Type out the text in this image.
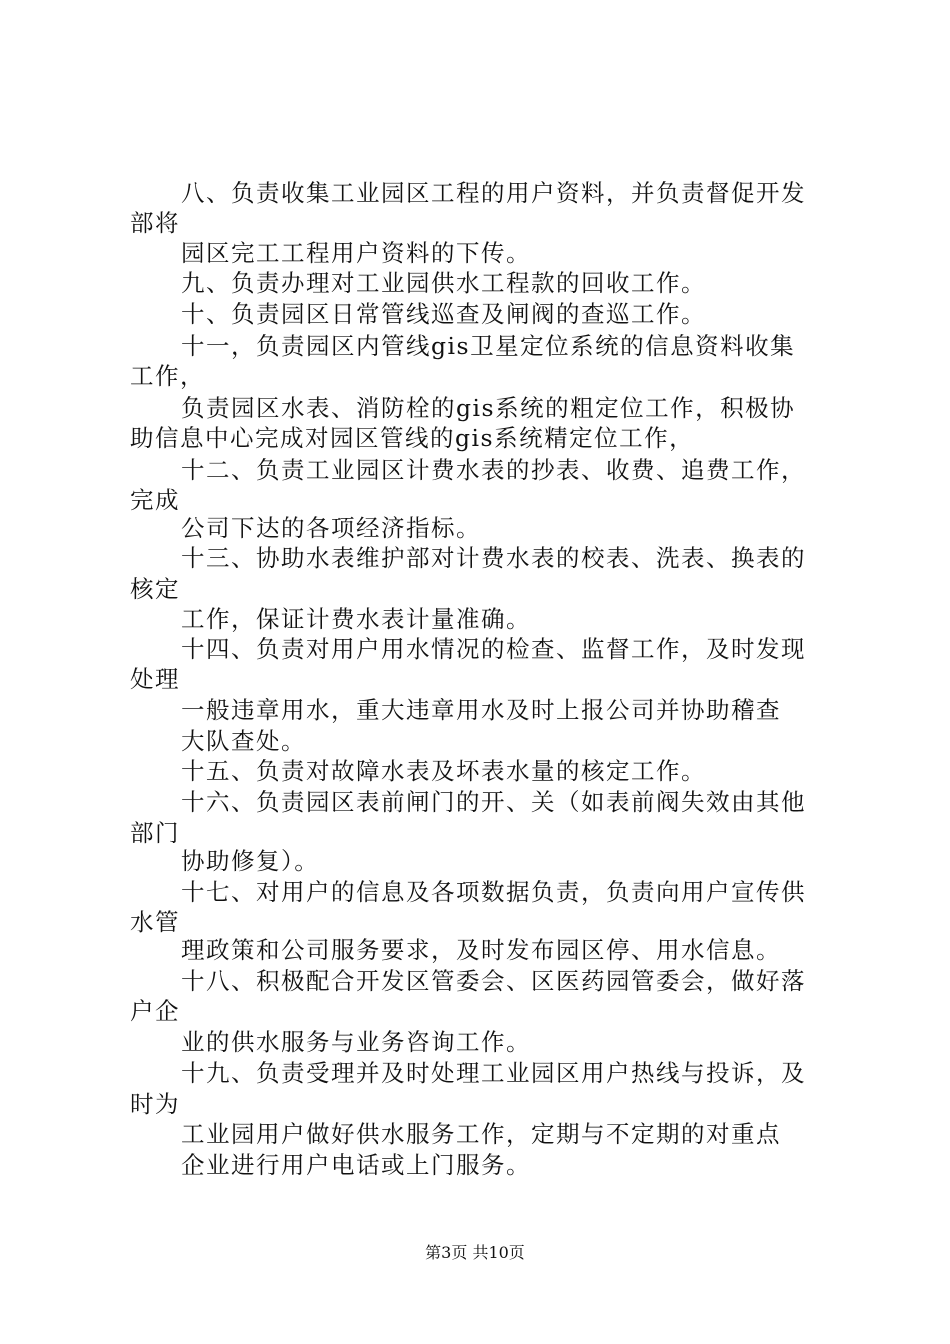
八、负责收集工业园区工程的用户资料，并负责督促开发
部将
园区完工工程用户资料的下传。
九、负责办理对工业园供水工程款的回收工作。
十、负责园区日常管线巡查及闸阀的查巡工作。
十一，负责园区内管线gis卫星定位系统的信息资料收集
工作，
负责园区水表、消防栓的gis系统的粗定位工作，积极协
助信息中心完成对园区管线的gis系统精定位工作，
十二、负责工业园区计费水表的抄表、收费、追费工作，
完成
公司下达的各项经济指标。
十三、协助水表维护部对计费水表的校表、洗表、换表的
核定
工作，保证计费水表计量准确。
十四、负责对用户用水情况的检查、监督工作，及时发现
处理
一般违章用水，重大违章用水及时上报公司并协助稽查
大队查处。
十五、负责对故障水表及坏表水量的核定工作。
十六、负责园区表前闸门的开、关（如表前阀失效由其他
部门
协助修复）。
十七、对用户的信息及各项数据负责，负责向用户宣传供
水管
理政策和公司服务要求，及时发布园区停、用水信息。
十八、积极配合开发区管委会、区医药园管委会，做好落
户企
业的供水服务与业务咨询工作。
十九、负责受理并及时处理工业园区用户热线与投诉，及
时为
工业园用户做好供水服务工作，定期与不定期的对重点
企业进行用户电话或上门服务。
第3页 共10页
